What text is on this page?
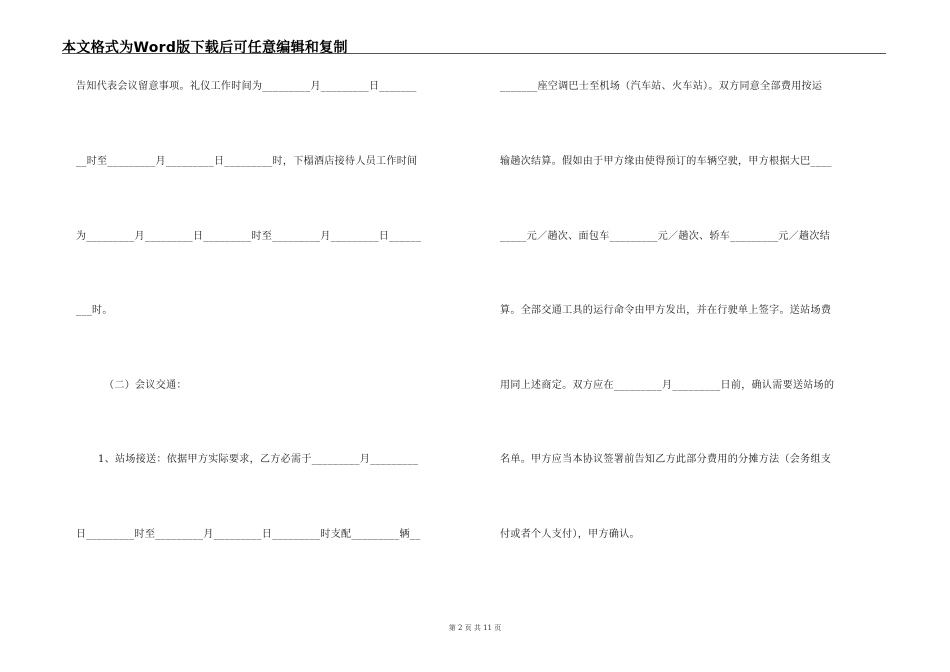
本文格式为Word版下载后可任意编辑和复制
告知代表会议留意事项。礼仪工作时间为_________月_________日_______
__时至_________月_________日_________时，下榻酒店接待人员工作时间
为_________月_________日_________时至_________月_________日______
___时。
（二）会议交通：
1、站场接送：依据甲方实际要求，乙方必需于_________月_________
日_________时至_________月_________日_________时支配_________辆__
_______座空调巴士至机场（汽车站、火车站）。双方同意全部费用按运
输趟次结算。假如由于甲方缘由使得预订的车辆空驶，甲方根据大巴____
_____元／趟次、面包车_________元／趟次、轿车_________元／趟次结
算。全部交通工具的运行命令由甲方发出，并在行驶单上签字。送站场费
用同上述商定。双方应在_________月_________日前，确认需要送站场的
名单。甲方应当本协议签署前告知乙方此部分费用的分摊方法（会务组支
付或者个人支付），甲方确认。
第 2 页 共 11 页
